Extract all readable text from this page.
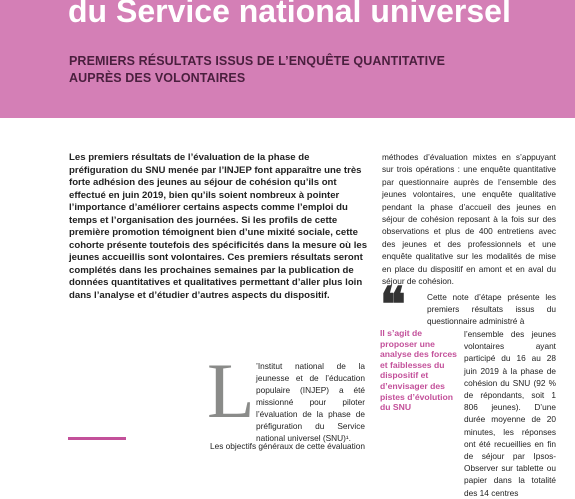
du Service national universel
PREMIERS RÉSULTATS ISSUS DE L’ENQUÊTE QUANTITATIVE AUPRÈS DES VOLONTAIRES
Les premiers résultats de l’évaluation de la phase de préfiguration du SNU menée par l’INJEP font apparaître une très forte adhésion des jeunes au séjour de cohésion qu’ils ont effectué en juin 2019, bien qu’ils soient nombreux à pointer l’importance d’améliorer certains aspects comme l’emploi du temps et l’organisation des journées. Si les profils de cette première promotion témoignent bien d’une mixité sociale, cette cohorte présente toutefois des spécificités dans la mesure où les jeunes accueillis sont volontaires. Ces premiers résultats seront complétés dans les prochaines semaines par la publication de données quantitatives et qualitatives permettant d’aller plus loin dans l’analyse et d’étudier d’autres aspects du dispositif.
méthodes d’évaluation mixtes en s’appuyant sur trois opérations : une enquête quantitative par questionnaire auprès de l’ensemble des jeunes volontaires, une enquête qualitative pendant la phase d’accueil des jeunes en séjour de cohésion reposant à la fois sur des observations et plus de 400 entretiens avec des jeunes et des professionnels et une enquête qualitative sur les modalités de mise en place du dispositif en amont et en aval du séjour de cohésion.
❝	Cette note d’étape présente les premiers résultats issus du questionnaire administré à
Il s’agit de proposer une analyse des forces et faiblesses du dispositif et d’envisager des pistes d’évolution du SNU
l’ensemble des jeunes volontaires ayant participé du 16 au 28 juin 2019 à la phase de cohésion du SNU (92 % de répondants, soit 1 806 jeunes). D’une durée moyenne de 20 minutes, les réponses ont été recueillies en fin de séjour par Ipsos-Observer sur tablette ou papier dans la totalité des 14 centres
L ’Institut national de la jeunesse et de l’éducation populaire (INJEP) a été missionné pour piloter l’évaluation de la phase de préfiguration du Service national universel (SNU)¹.
Les objectifs généraux de cette évaluation
